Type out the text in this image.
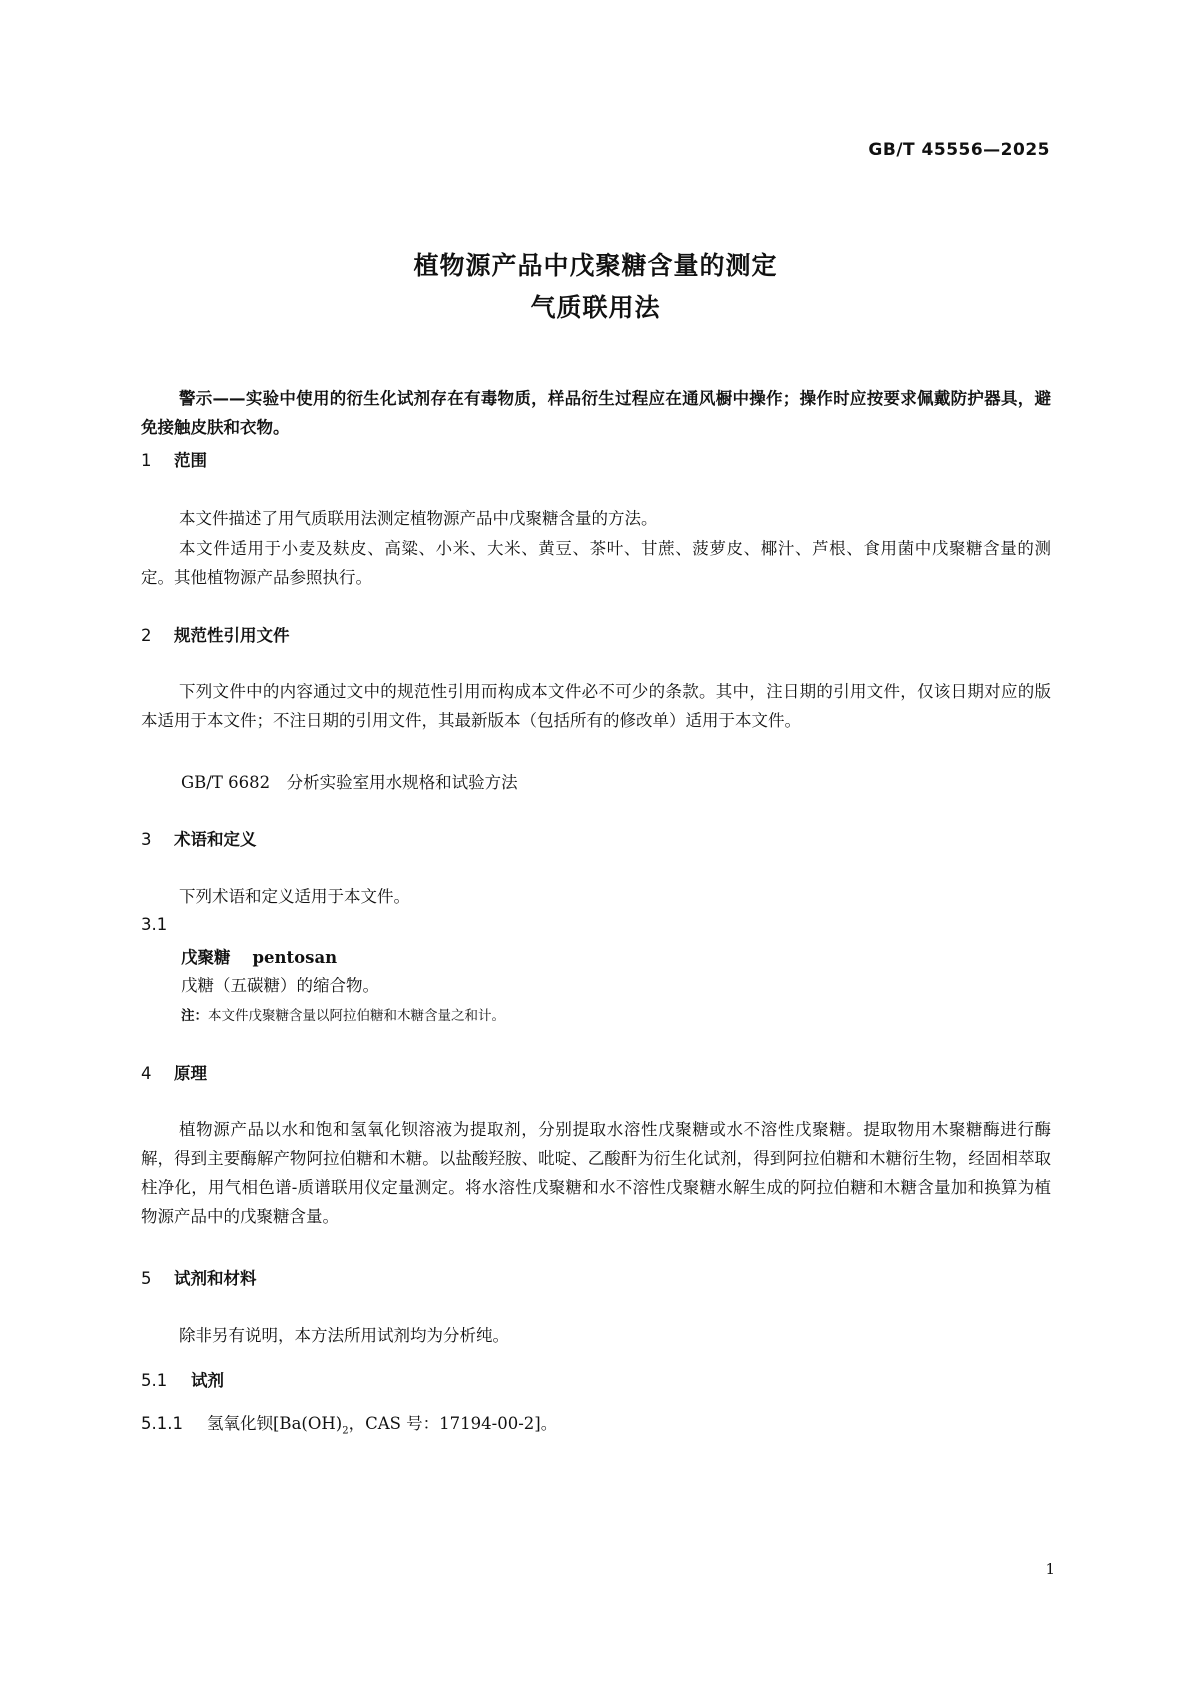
GB/T 45556—2025
植物源产品中戊聚糖含量的测定
气质联用法

警示——实验中使用的衍生化试剂存在有毒物质，样品衍生过程应在通风橱中操作；操作时应按要求佩戴防护器具，避免接触皮肤和衣物。

1 范围

本文件描述了用气质联用法测定植物源产品中戊聚糖含量的方法。

本文件适用于小麦及麸皮、高粱、小米、大米、黄豆、茶叶、甘蔗、菠萝皮、椰汁、芦根、食用菌中戊聚糖含量的测定。其他植物源产品参照执行。

2 规范性引用文件

下列文件中的内容通过文中的规范性引用而构成本文件必不可少的条款。其中，注日期的引用文件，仅该日期对应的版本适用于本文件；不注日期的引用文件，其最新版本（包括所有的修改单）适用于本文件。

GB/T 6682　分析实验室用水规格和试验方法
3 术语和定义

下列术语和定义适用于本文件。

3.1
戊聚糖 pentosan
戊糖（五碳糖）的缩合物。
注：本文件戊聚糖含量以阿拉伯糖和木糖含量之和计。
4 原理

植物源产品以水和饱和氢氧化钡溶液为提取剂，分别提取水溶性戊聚糖或水不溶性戊聚糖。提取物用木聚糖酶进行酶解，得到主要酶解产物阿拉伯糖和木糖。以盐酸羟胺、吡啶、乙酸酐为衍生化试剂，得到阿拉伯糖和木糖衍生物，经固相萃取柱净化，用气相色谱-质谱联用仪定量测定。将水溶性戊聚糖和水不溶性戊聚糖水解生成的阿拉伯糖和木糖含量加和换算为植物源产品中的戊聚糖含量。

5 试剂和材料

除非另有说明，本方法所用试剂均为分析纯。

5.1 试剂
5.1.1 氢氧化钡[$Ba(OH)_2$，CAS 号：17194-00-2]。
1
